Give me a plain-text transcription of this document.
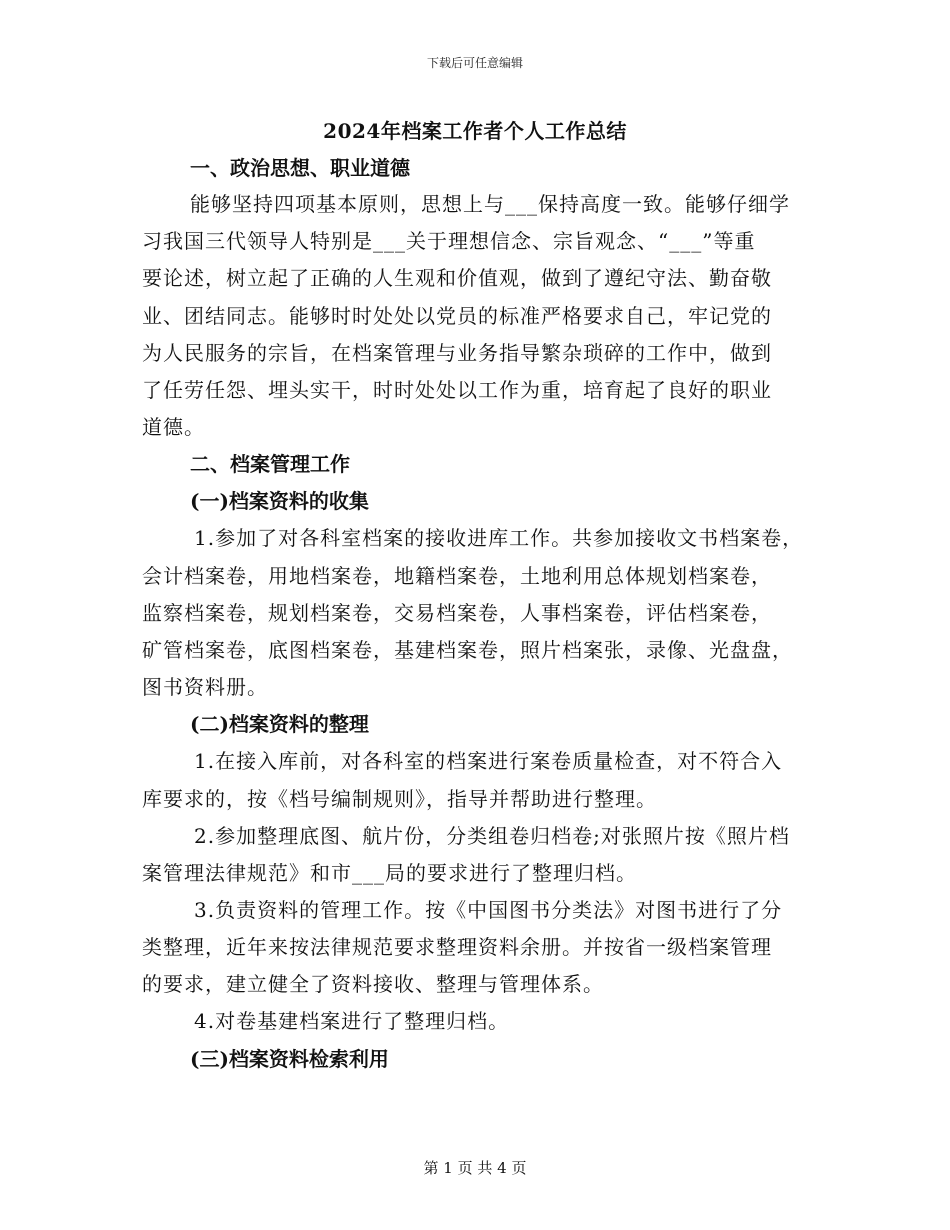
下载后可任意编辑
2024年档案工作者个人工作总结
一、政治思想、职业道德
能够坚持四项基本原则，思想上与___保持高度一致。能够仔细学
习我国三代领导人特别是___关于理想信念、宗旨观念、“___”等重
要论述，树立起了正确的人生观和价值观，做到了遵纪守法、勤奋敬
业、团结同志。能够时时处处以党员的标准严格要求自己，牢记党的
为人民服务的宗旨，在档案管理与业务指导繁杂琐碎的工作中，做到
了任劳任怨、埋头实干，时时处处以工作为重，培育起了良好的职业
道德。
二、档案管理工作
(一)档案资料的收集
1.参加了对各科室档案的接收进库工作。共参加接收文书档案卷，
会计档案卷，用地档案卷，地籍档案卷，土地利用总体规划档案卷，
监察档案卷，规划档案卷，交易档案卷，人事档案卷，评估档案卷，
矿管档案卷，底图档案卷，基建档案卷，照片档案张，录像、光盘盘，
图书资料册。
(二)档案资料的整理
1.在接入库前，对各科室的档案进行案卷质量检查，对不符合入
库要求的，按《档号编制规则》，指导并帮助进行整理。
2.参加整理底图、航片份，分类组卷归档卷;对张照片按《照片档
案管理法律规范》和市___局的要求进行了整理归档。
3.负责资料的管理工作。按《中国图书分类法》对图书进行了分
类整理，近年来按法律规范要求整理资料余册。并按省一级档案管理
的要求，建立健全了资料接收、整理与管理体系。
4.对卷基建档案进行了整理归档。
(三)档案资料检索利用
第 1 页 共 4 页
